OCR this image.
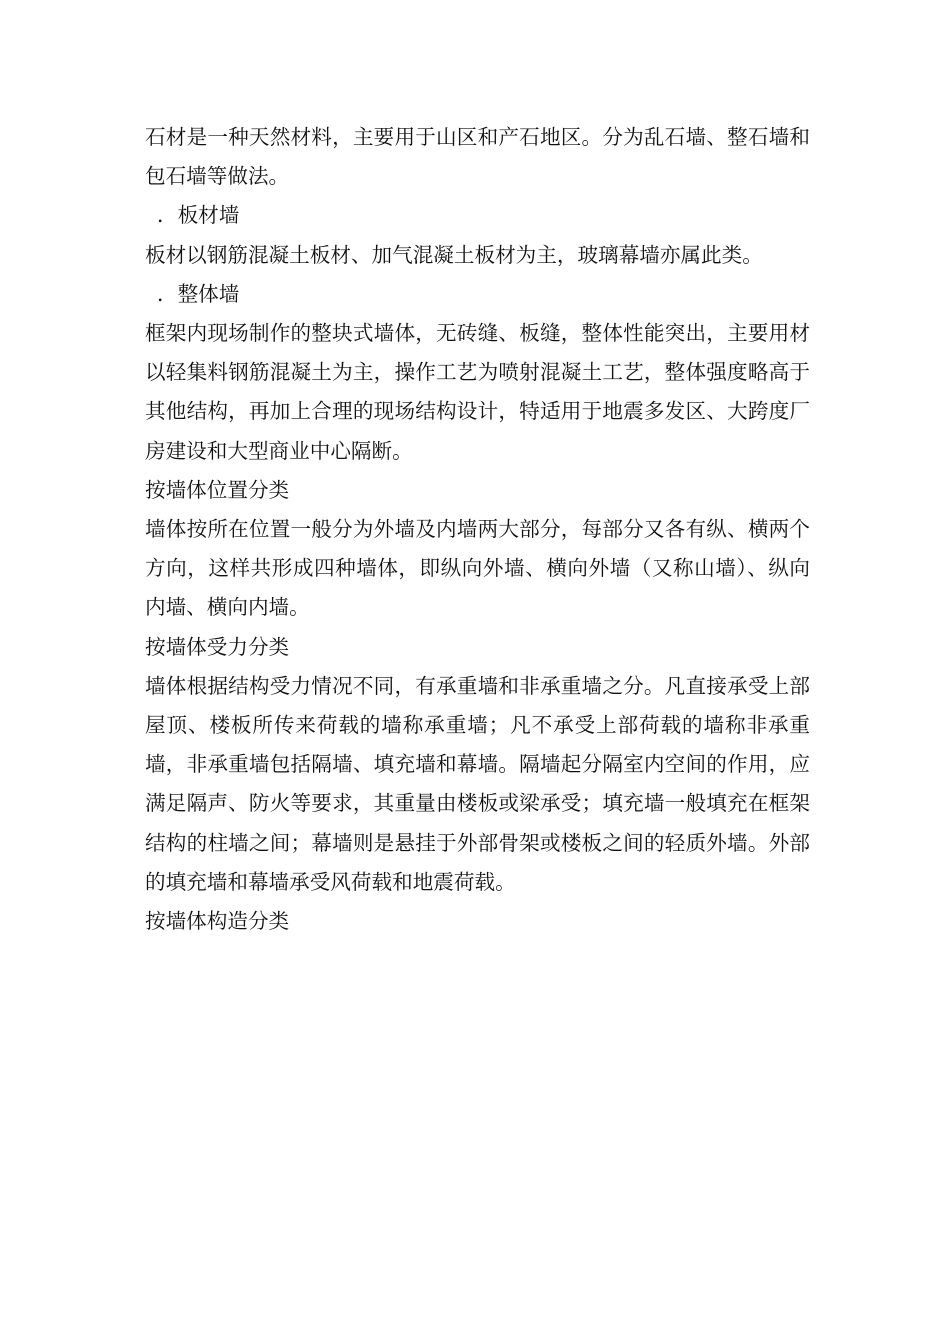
石材是一种天然材料，主要用于山区和产石地区。分为乱石墙、整石墙和包石墙等做法。

．板材墙

板材以钢筋混凝土板材、加气混凝土板材为主，玻璃幕墙亦属此类。

．整体墙

框架内现场制作的整块式墙体，无砖缝、板缝，整体性能突出，主要用材以轻集料钢筋混凝土为主，操作工艺为喷射混凝土工艺，整体强度略高于其他结构，再加上合理的现场结构设计，特适用于地震多发区、大跨度厂房建设和大型商业中心隔断。

按墙体位置分类

墙体按所在位置一般分为外墙及内墙两大部分，每部分又各有纵、横两个方向，这样共形成四种墙体，即纵向外墙、横向外墙（又称山墙）、纵向内墙、横向内墙。

按墙体受力分类

墙体根据结构受力情况不同，有承重墙和非承重墙之分。凡直接承受上部屋顶、楼板所传来荷载的墙称承重墙；凡不承受上部荷载的墙称非承重墙，非承重墙包括隔墙、填充墙和幕墙。隔墙起分隔室内空间的作用，应满足隔声、防火等要求，其重量由楼板或梁承受；填充墙一般填充在框架结构的柱墙之间；幕墙则是悬挂于外部骨架或楼板之间的轻质外墙。外部的填充墙和幕墙承受风荷载和地震荷载。

按墙体构造分类
